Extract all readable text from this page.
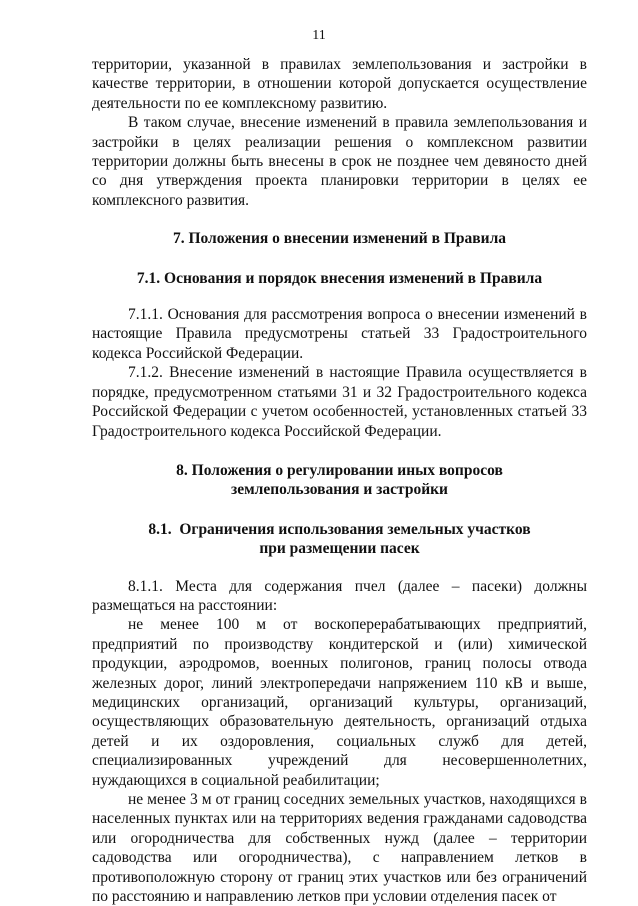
11

территории, указанной в правилах землепользования и застройки в качестве территории, в отношении которой допускается осуществление деятельности по ее комплексному развитию.

В таком случае, внесение изменений в правила землепользования и застройки в целях реализации решения о комплексном развитии территории должны быть внесены в срок не позднее чем девяносто дней со дня утверждения проекта планировки территории в целях ее комплексного развития.

7. Положения о внесении изменений в Правила
7.1. Основания и порядок внесения изменений в Правила

7.1.1. Основания для рассмотрения вопроса о внесении изменений в настоящие Правила предусмотрены статьей 33 Градостроительного кодекса Российской Федерации.

7.1.2. Внесение изменений в настоящие Правила осуществляется в порядке, предусмотренном статьями 31 и 32 Градостроительного кодекса Российской Федерации с учетом особенностей, установленных статьей 33 Градостроительного кодекса Российской Федерации.

8. Положения о регулировании иных вопросов
землепользования и застройки
8.1.  Ограничения использования земельных участков
при размещении пасек

8.1.1. Места для содержания пчел (далее – пасеки) должны размещаться на расстоянии:

не менее 100 м от воскоперерабатывающих предприятий, предприятий по производству кондитерской и (или) химической продукции, аэродромов, военных полигонов, границ полосы отвода железных дорог, линий электропередачи напряжением 110 кВ и выше, медицинских организаций, организаций культуры, организаций, осуществляющих образовательную деятельность, организаций отдыха детей и их оздоровления, социальных служб для детей, специализированных учреждений для несовершеннолетних, нуждающихся в социальной реабилитации;

не менее 3 м от границ соседних земельных участков, находящихся в населенных пунктах или на территориях ведения гражданами садоводства или огородничества для собственных нужд (далее – территории садоводства или огородничества), с направлением летков в противоположную сторону от границ этих участков или без ограничений по расстоянию и направлению летков при условии отделения пасек от
